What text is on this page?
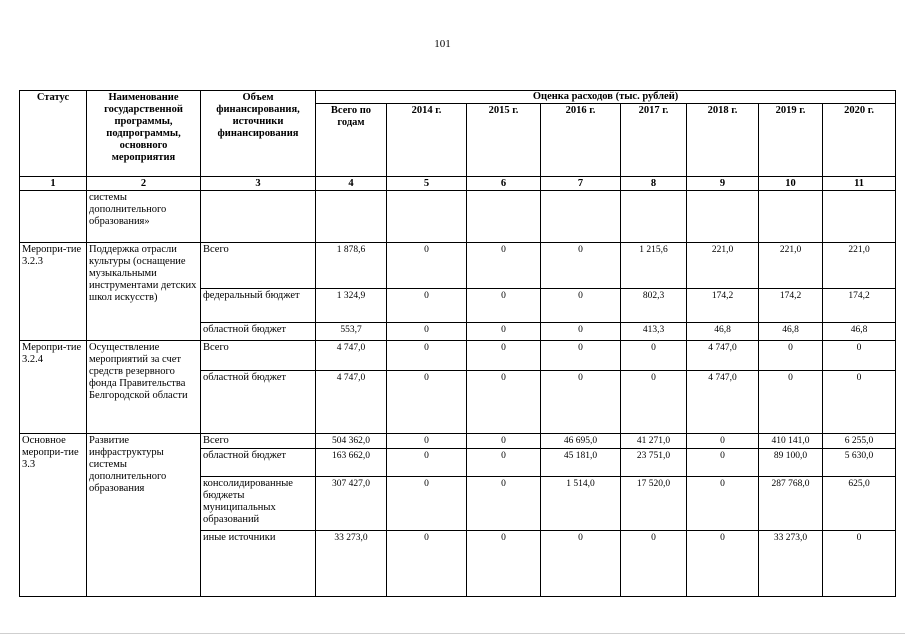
101
Статус	Наименование государственной программы, подпрограммы, основного мероприятия	Объем финансирования, источники финансирования	Оценка расходов (тыс. рублей)							
			Всего по годам	2014 г.	2015 г.	2016 г.	2017 г.	2018 г.	2019 г.	2020 г.
1	2	3	4	5	6	7	8	9	10	11
	системы дополнительного образования»									
Меропри-тие 3.2.3	Поддержка отрасли культуры (оснащение музыкальными инструментами детских школ искусств)	Всего	1 878,6	0	0	0	1 215,6	221,0	221,0	221,0
		федеральный бюджет	1 324,9	0	0	0	802,3	174,2	174,2	174,2
		областной бюджет	553,7	0	0	0	413,3	46,8	46,8	46,8
Меропри-тие 3.2.4	Осуществление мероприятий за счет средств резервного фонда Правительства Белгородской области	Всего	4 747,0	0	0	0	0	4 747,0	0	0
		областной бюджет	4 747,0	0	0	0	0	4 747,0	0	0
Основное меропри-тие 3.3	Развитие инфраструктуры системы дополнительного образования	Всего	504 362,0	0	0	46 695,0	41 271,0	0	410 141,0	6 255,0
		областной бюджет	163 662,0	0	0	45 181,0	23 751,0	0	89 100,0	5 630,0
		консолидированные бюджеты муниципальных образований	307 427,0	0	0	1 514,0	17 520,0	0	287 768,0	625,0
		иные источники	33 273,0	0	0	0	0	0	33 273,0	0
